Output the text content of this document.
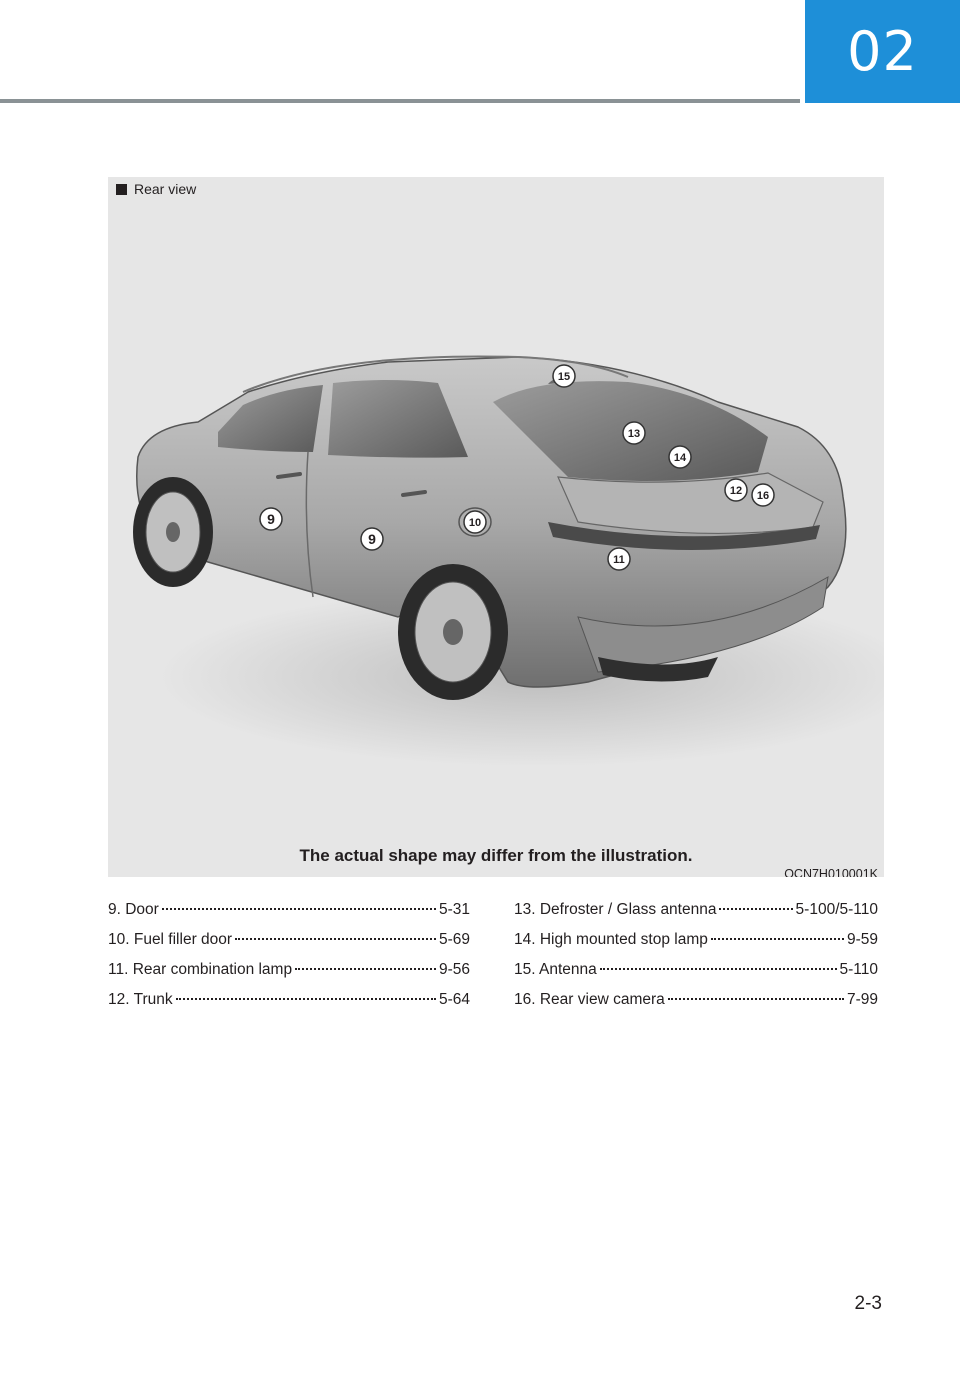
02
Rear view
9
9
10
11
12
13
14
15
16
The actual shape may differ from the illustration.
OCN7H010001K
9. Door	5-31
10. Fuel filler door	5-69
11. Rear combination lamp	9-56
12. Trunk	5-64
13. Defroster / Glass antenna	5-100/5-110
14. High mounted stop lamp	9-59
15. Antenna	5-110
16. Rear view camera	7-99
2-3
